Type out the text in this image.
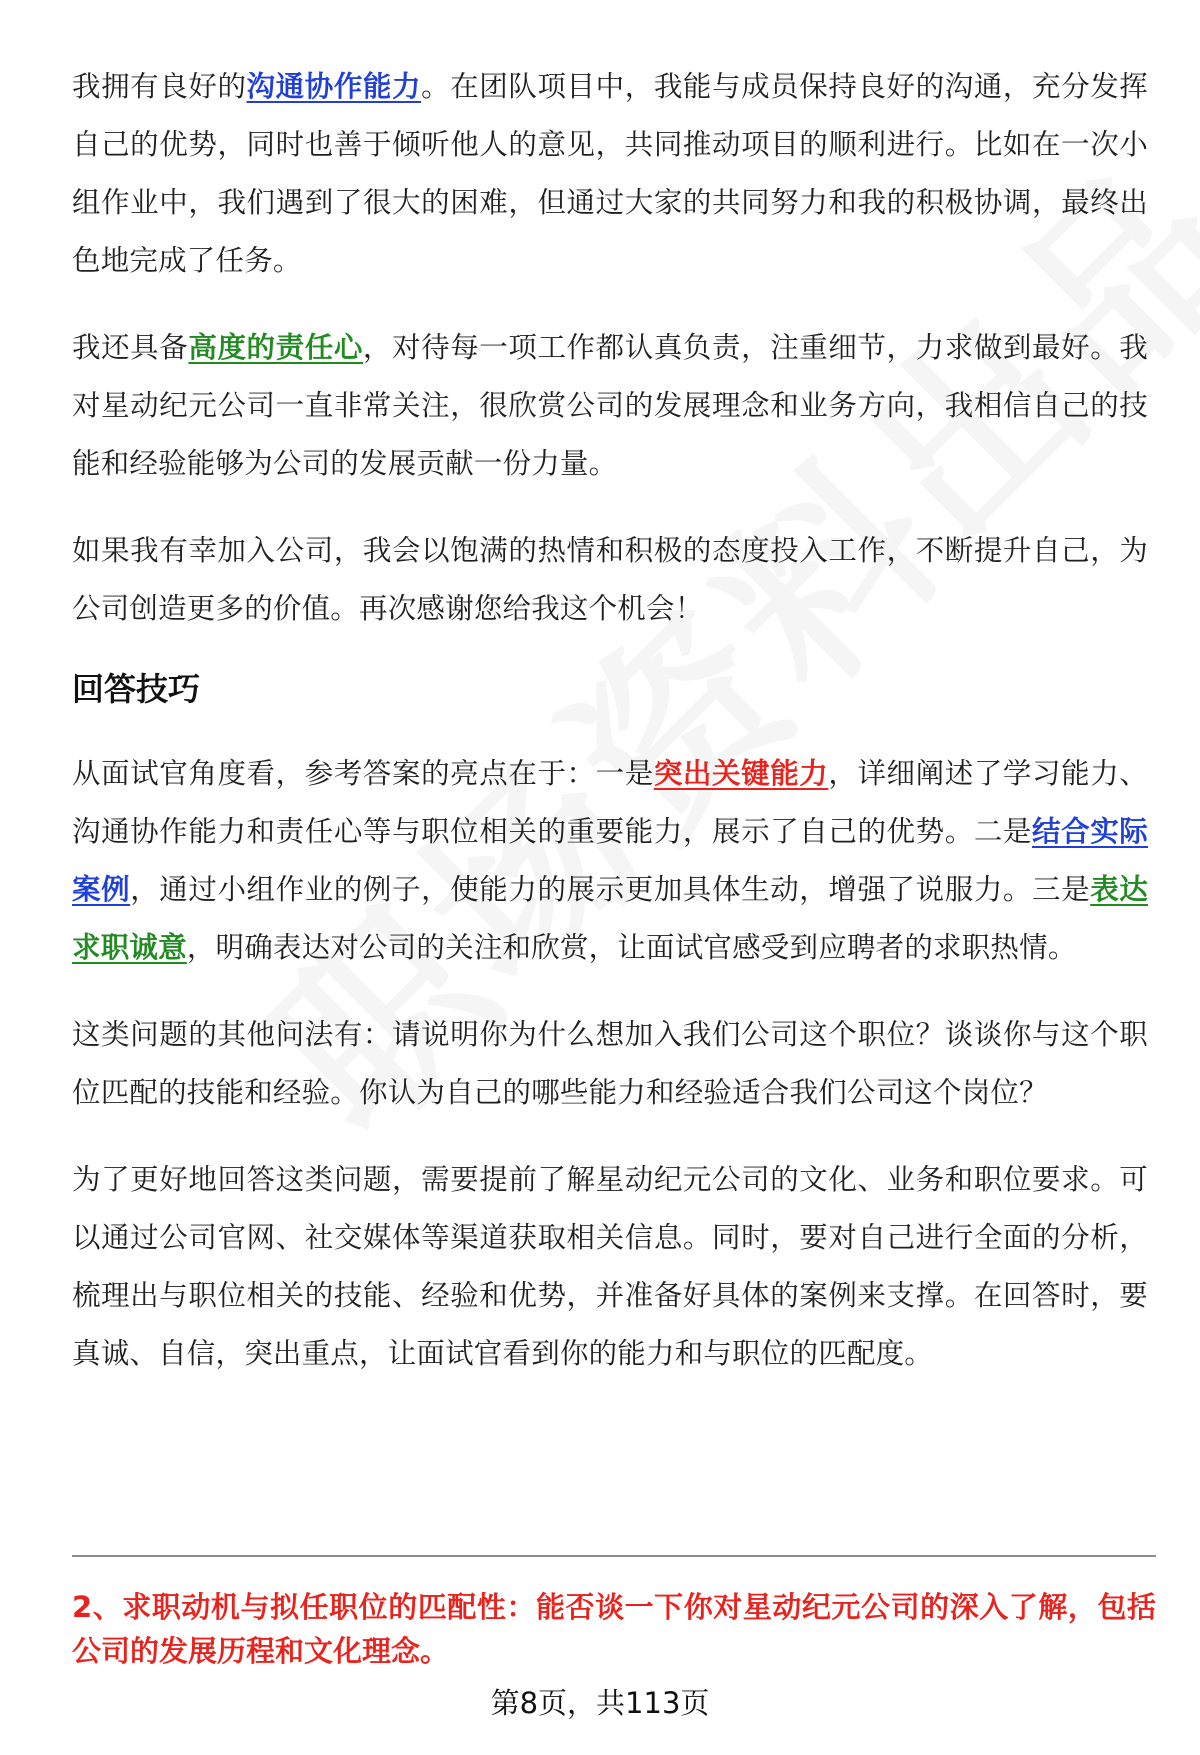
我拥有良好的沟通协作能力。在团队项目中，我能与成员保持良好的沟通，充分发挥自己的优势，同时也善于倾听他人的意见，共同推动项目的顺利进行。比如在一次小组作业中，我们遇到了很大的困难，但通过大家的共同努力和我的积极协调，最终出色地完成了任务。

我还具备高度的责任心，对待每一项工作都认真负责，注重细节，力求做到最好。我对星动纪元公司一直非常关注，很欣赏公司的发展理念和业务方向，我相信自己的技能和经验能够为公司的发展贡献一份力量。

如果我有幸加入公司，我会以饱满的热情和积极的态度投入工作，不断提升自己，为公司创造更多的价值。再次感谢您给我这个机会！

回答技巧

从面试官角度看，参考答案的亮点在于：一是突出关键能力，详细阐述了学习能力、沟通协作能力和责任心等与职位相关的重要能力，展示了自己的优势。二是结合实际案例，通过小组作业的例子，使能力的展示更加具体生动，增强了说服力。三是表达求职诚意，明确表达对公司的关注和欣赏，让面试官感受到应聘者的求职热情。

这类问题的其他问法有：请说明你为什么想加入我们公司这个职位？谈谈你与这个职位匹配的技能和经验。你认为自己的哪些能力和经验适合我们公司这个岗位？

为了更好地回答这类问题，需要提前了解星动纪元公司的文化、业务和职位要求。可以通过公司官网、社交媒体等渠道获取相关信息。同时，要对自己进行全面的分析，梳理出与职位相关的技能、经验和优势，并准备好具体的案例来支撑。在回答时，要真诚、自信，突出重点，让面试官看到你的能力和与职位的匹配度。

2、求职动机与拟任职位的匹配性：能否谈一下你对星动纪元公司的深入了解，包括公司的发展历程和文化理念。
第8页，共113页
